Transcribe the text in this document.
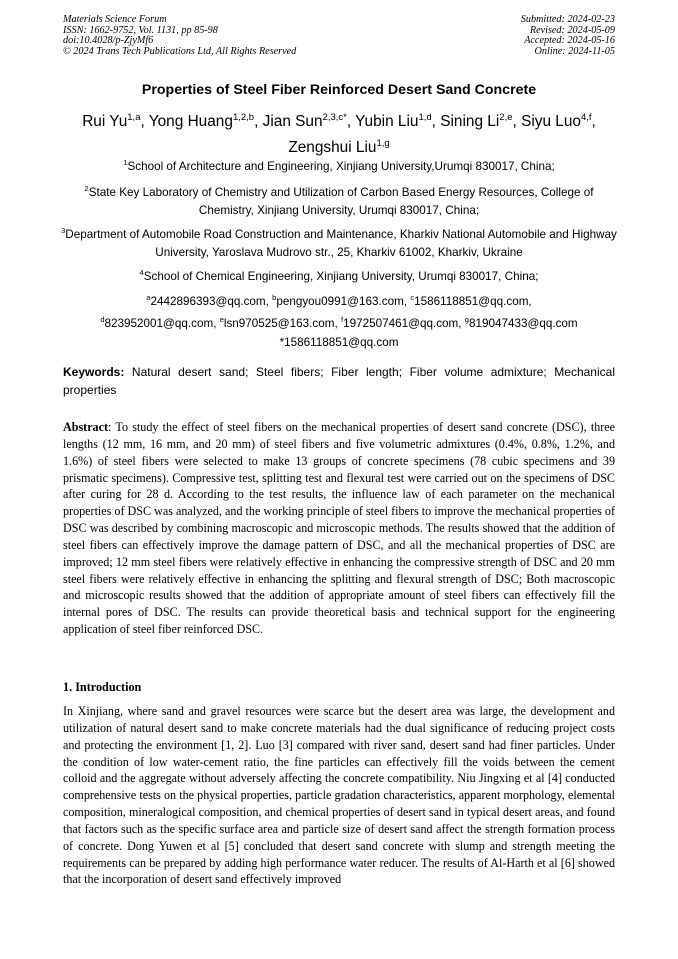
Materials Science Forum
ISSN: 1662-9752, Vol. 1131, pp 85-98
doi:10.4028/p-ZjyMf6
© 2024 Trans Tech Publications Ltd, All Rights Reserved
Submitted: 2024-02-23
Revised: 2024-05-09
Accepted: 2024-05-16
Online: 2024-11-05
Properties of Steel Fiber Reinforced Desert Sand Concrete
Rui Yu$^{1,a}$, Yong Huang$^{1,2,b}$, Jian Sun$^{2,3,c*}$, Yubin Liu$^{1,d}$, Sining Li$^{2,e}$, Siyu Luo$^{4,f}$,
Zengshui Liu$^{1,g}$
$^1$School of Architecture and Engineering, Xinjiang University,Urumqi 830017, China;
$^2$State Key Laboratory of Chemistry and Utilization of Carbon Based Energy Resources, College of Chemistry, Xinjiang University, Urumqi 830017, China;
$^3$Department of Automobile Road Construction and Maintenance, Kharkiv National Automobile and Highway University, Yaroslava Mudrovo str., 25, Kharkiv 61002, Kharkiv, Ukraine
$^4$School of Chemical Engineering, Xinjiang University, Urumqi 830017, China;
$^a$2442896393@qq.com, $^b$pengyou0991@163.com, $^c$1586118851@qq.com,
$^d$823952001@qq.com, $^e$lsn970525@163.com, $^f$1972507461@qq.com, $^g$819047433@qq.com
*1586118851@qq.com
Keywords: Natural desert sand; Steel fibers; Fiber length; Fiber volume admixture; Mechanical properties
Abstract: To study the effect of steel fibers on the mechanical properties of desert sand concrete (DSC), three lengths (12 mm, 16 mm, and 20 mm) of steel fibers and five volumetric admixtures (0.4%, 0.8%, 1.2%, and 1.6%) of steel fibers were selected to make 13 groups of concrete specimens (78 cubic specimens and 39 prismatic specimens). Compressive test, splitting test and flexural test were carried out on the specimens of DSC after curing for 28 d. According to the test results, the influence law of each parameter on the mechanical properties of DSC was analyzed, and the working principle of steel fibers to improve the mechanical properties of DSC was described by combining macroscopic and microscopic methods. The results showed that the addition of steel fibers can effectively improve the damage pattern of DSC, and all the mechanical properties of DSC are improved; 12 mm steel fibers were relatively effective in enhancing the compressive strength of DSC and 20 mm steel fibers were relatively effective in enhancing the splitting and flexural strength of DSC; Both macroscopic and microscopic results showed that the addition of appropriate amount of steel fibers can effectively fill the internal pores of DSC. The results can provide theoretical basis and technical support for the engineering application of steel fiber reinforced DSC.
1. Introduction
In Xinjiang, where sand and gravel resources were scarce but the desert area was large, the development and utilization of natural desert sand to make concrete materials had the dual significance of reducing project costs and protecting the environment [1, 2]. Luo [3] compared with river sand, desert sand had finer particles. Under the condition of low water-cement ratio, the fine particles can effectively fill the voids between the cement colloid and the aggregate without adversely affecting the concrete compatibility. Niu Jingxing et al [4] conducted comprehensive tests on the physical properties, particle gradation characteristics, apparent morphology, elemental composition, mineralogical composition, and chemical properties of desert sand in typical desert areas, and found that factors such as the specific surface area and particle size of desert sand affect the strength formation process of concrete. Dong Yuwen et al [5] concluded that desert sand concrete with slump and strength meeting the requirements can be prepared by adding high performance water reducer. The results of Al-Harth et al [6] showed that the incorporation of desert sand effectively improved
